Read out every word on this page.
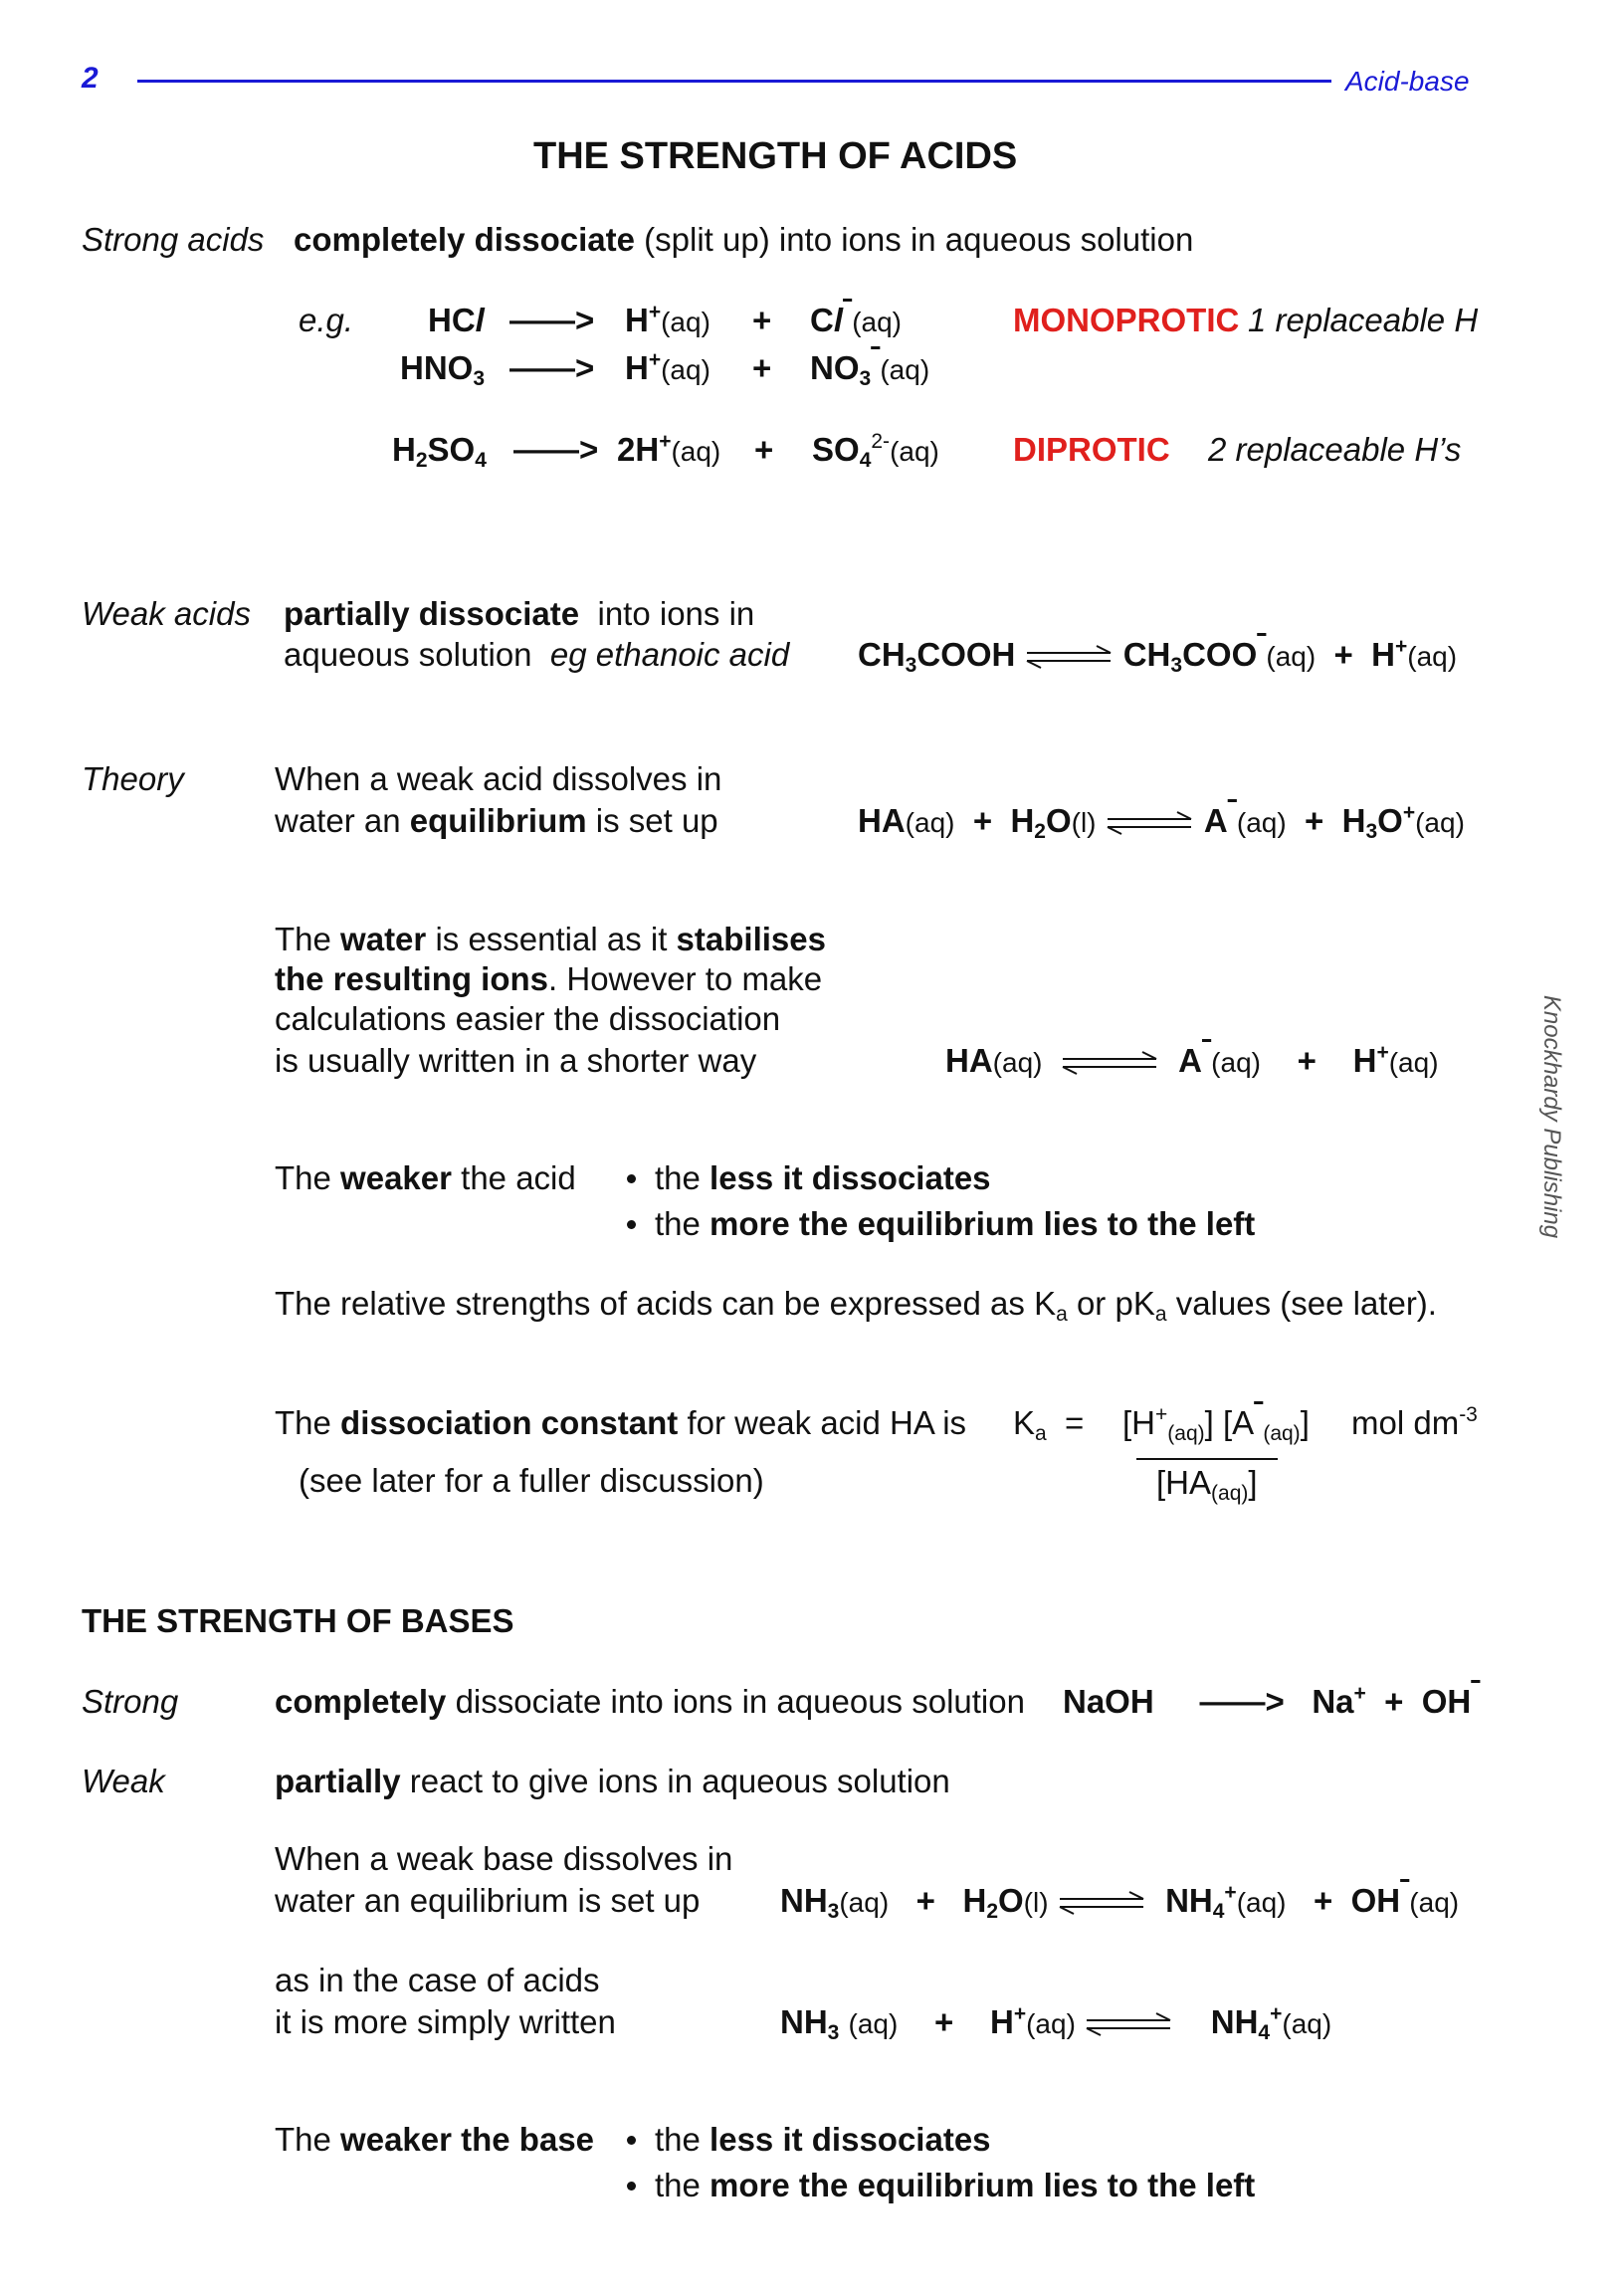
2	Acid-base
Knockhardy Publishing
THE STRENGTH OF ACIDS
Strong acids completely dissociate (split up) into ions in aqueous solution
e.g. HCl ——> H+(aq) + Cl (aq)	MONOPROTIC 1 replaceable H
$HNO_3$ ——> $H^+(aq) + NO_3$ (aq)
$H_2SO_4$ ——> $2H^+(aq) + SO_4^{2-}(aq)$ DIPROTIC 2 replaceable H’s
Weak acids partially dissociate into ions in
aqueous solution eg ethanoic acid $CH_3COOH$ ⇌ $CH_3COO$ (aq) + H+(aq)
Theory	When a weak acid dissolves in
water an equilibrium is set up	$HA(aq) + H_2O(l)$ ⇌ A $(aq) + H_3O^+(aq)$
The water is essential as it stabilises
the resulting ions. However to make
calculations easier the dissociation
is usually written in a shorter way	HA(aq) ⇌ A (aq) + H+(aq)
The weaker the acid the less it dissociates
the more the equilibrium lies to the left
The relative strengths of acids can be expressed as $K_a$ or $pK_a$ values (see later).
The dissociation constant for weak acid HA is $K_a = [H^+_{(aq)}]$ [A $_{(aq)}$]
$[HA_{(aq)}]$
mol $dm^{-3}$
(see later for a fuller discussion)
THE STRENGTH OF BASES
Strong	completely dissociate into ions in aqueous solution NaOH ——> Na+ + OH
Weak	partially react to give ions in aqueous solution
When a weak base dissolves in
water an equilibrium is set up $NH_3(aq) + H_2O(l)$ ⇌ $NH_4^+(aq)$ + OH (aq)
as in the case of acids
it is more simply written	$NH_3$ (aq) + H+(aq) ⇌ $NH_4^+(aq)$
The weaker the base the less it dissociates
the more the equilibrium lies to the left
